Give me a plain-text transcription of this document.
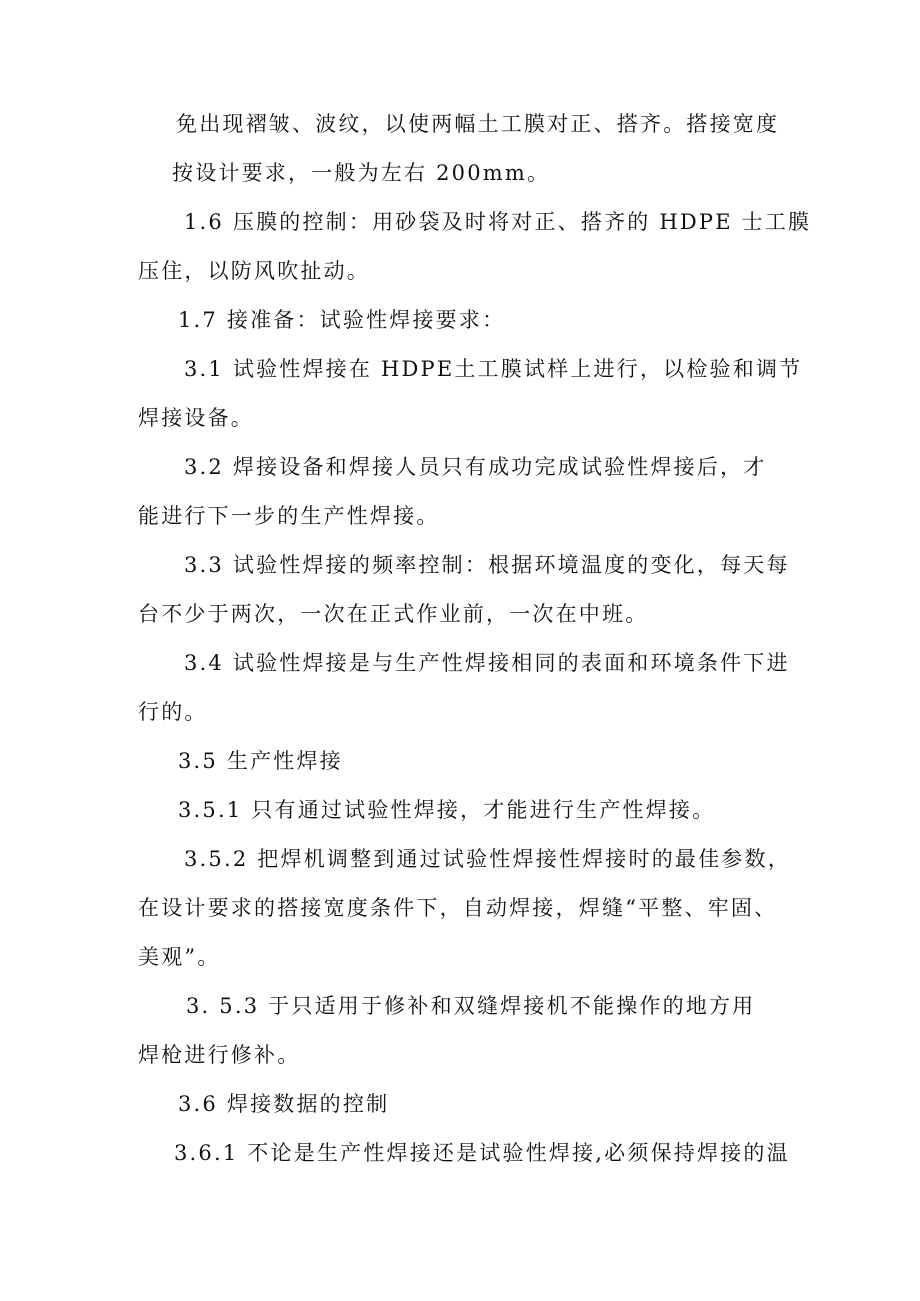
免出现褶皱、波纹，以使两幅土工膜对正、搭齐。搭接宽度

按设计要求，一般为左右 200mm。

1.6 压膜的控制：用砂袋及时将对正、搭齐的 HDPE 士工膜

压住，以防风吹扯动。

1.7 接准备：试验性焊接要求：

3.1 试验性焊接在 HDPE土工膜试样上进行，以检验和调节

焊接设备。

3.2 焊接设备和焊接人员只有成功完成试验性焊接后，才

能进行下一步的生产性焊接。

3.3 试验性焊接的频率控制：根据环境温度的变化，每天每

台不少于两次，一次在正式作业前，一次在中班。

3.4 试验性焊接是与生产性焊接相同的表面和环境条件下进

行的。

3.5 生产性焊接

3.5.1 只有通过试验性焊接，才能进行生产性焊接。

3.5.2 把焊机调整到通过试验性焊接性焊接时的最佳参数，

在设计要求的搭接宽度条件下，自动焊接，焊缝“平整、牢固、

美观”。

3. 5.3 于只适用于修补和双缝焊接机不能操作的地方用

焊枪进行修补。

3.6 焊接数据的控制

3.6.1 不论是生产性焊接还是试验性焊接,必须保持焊接的温
